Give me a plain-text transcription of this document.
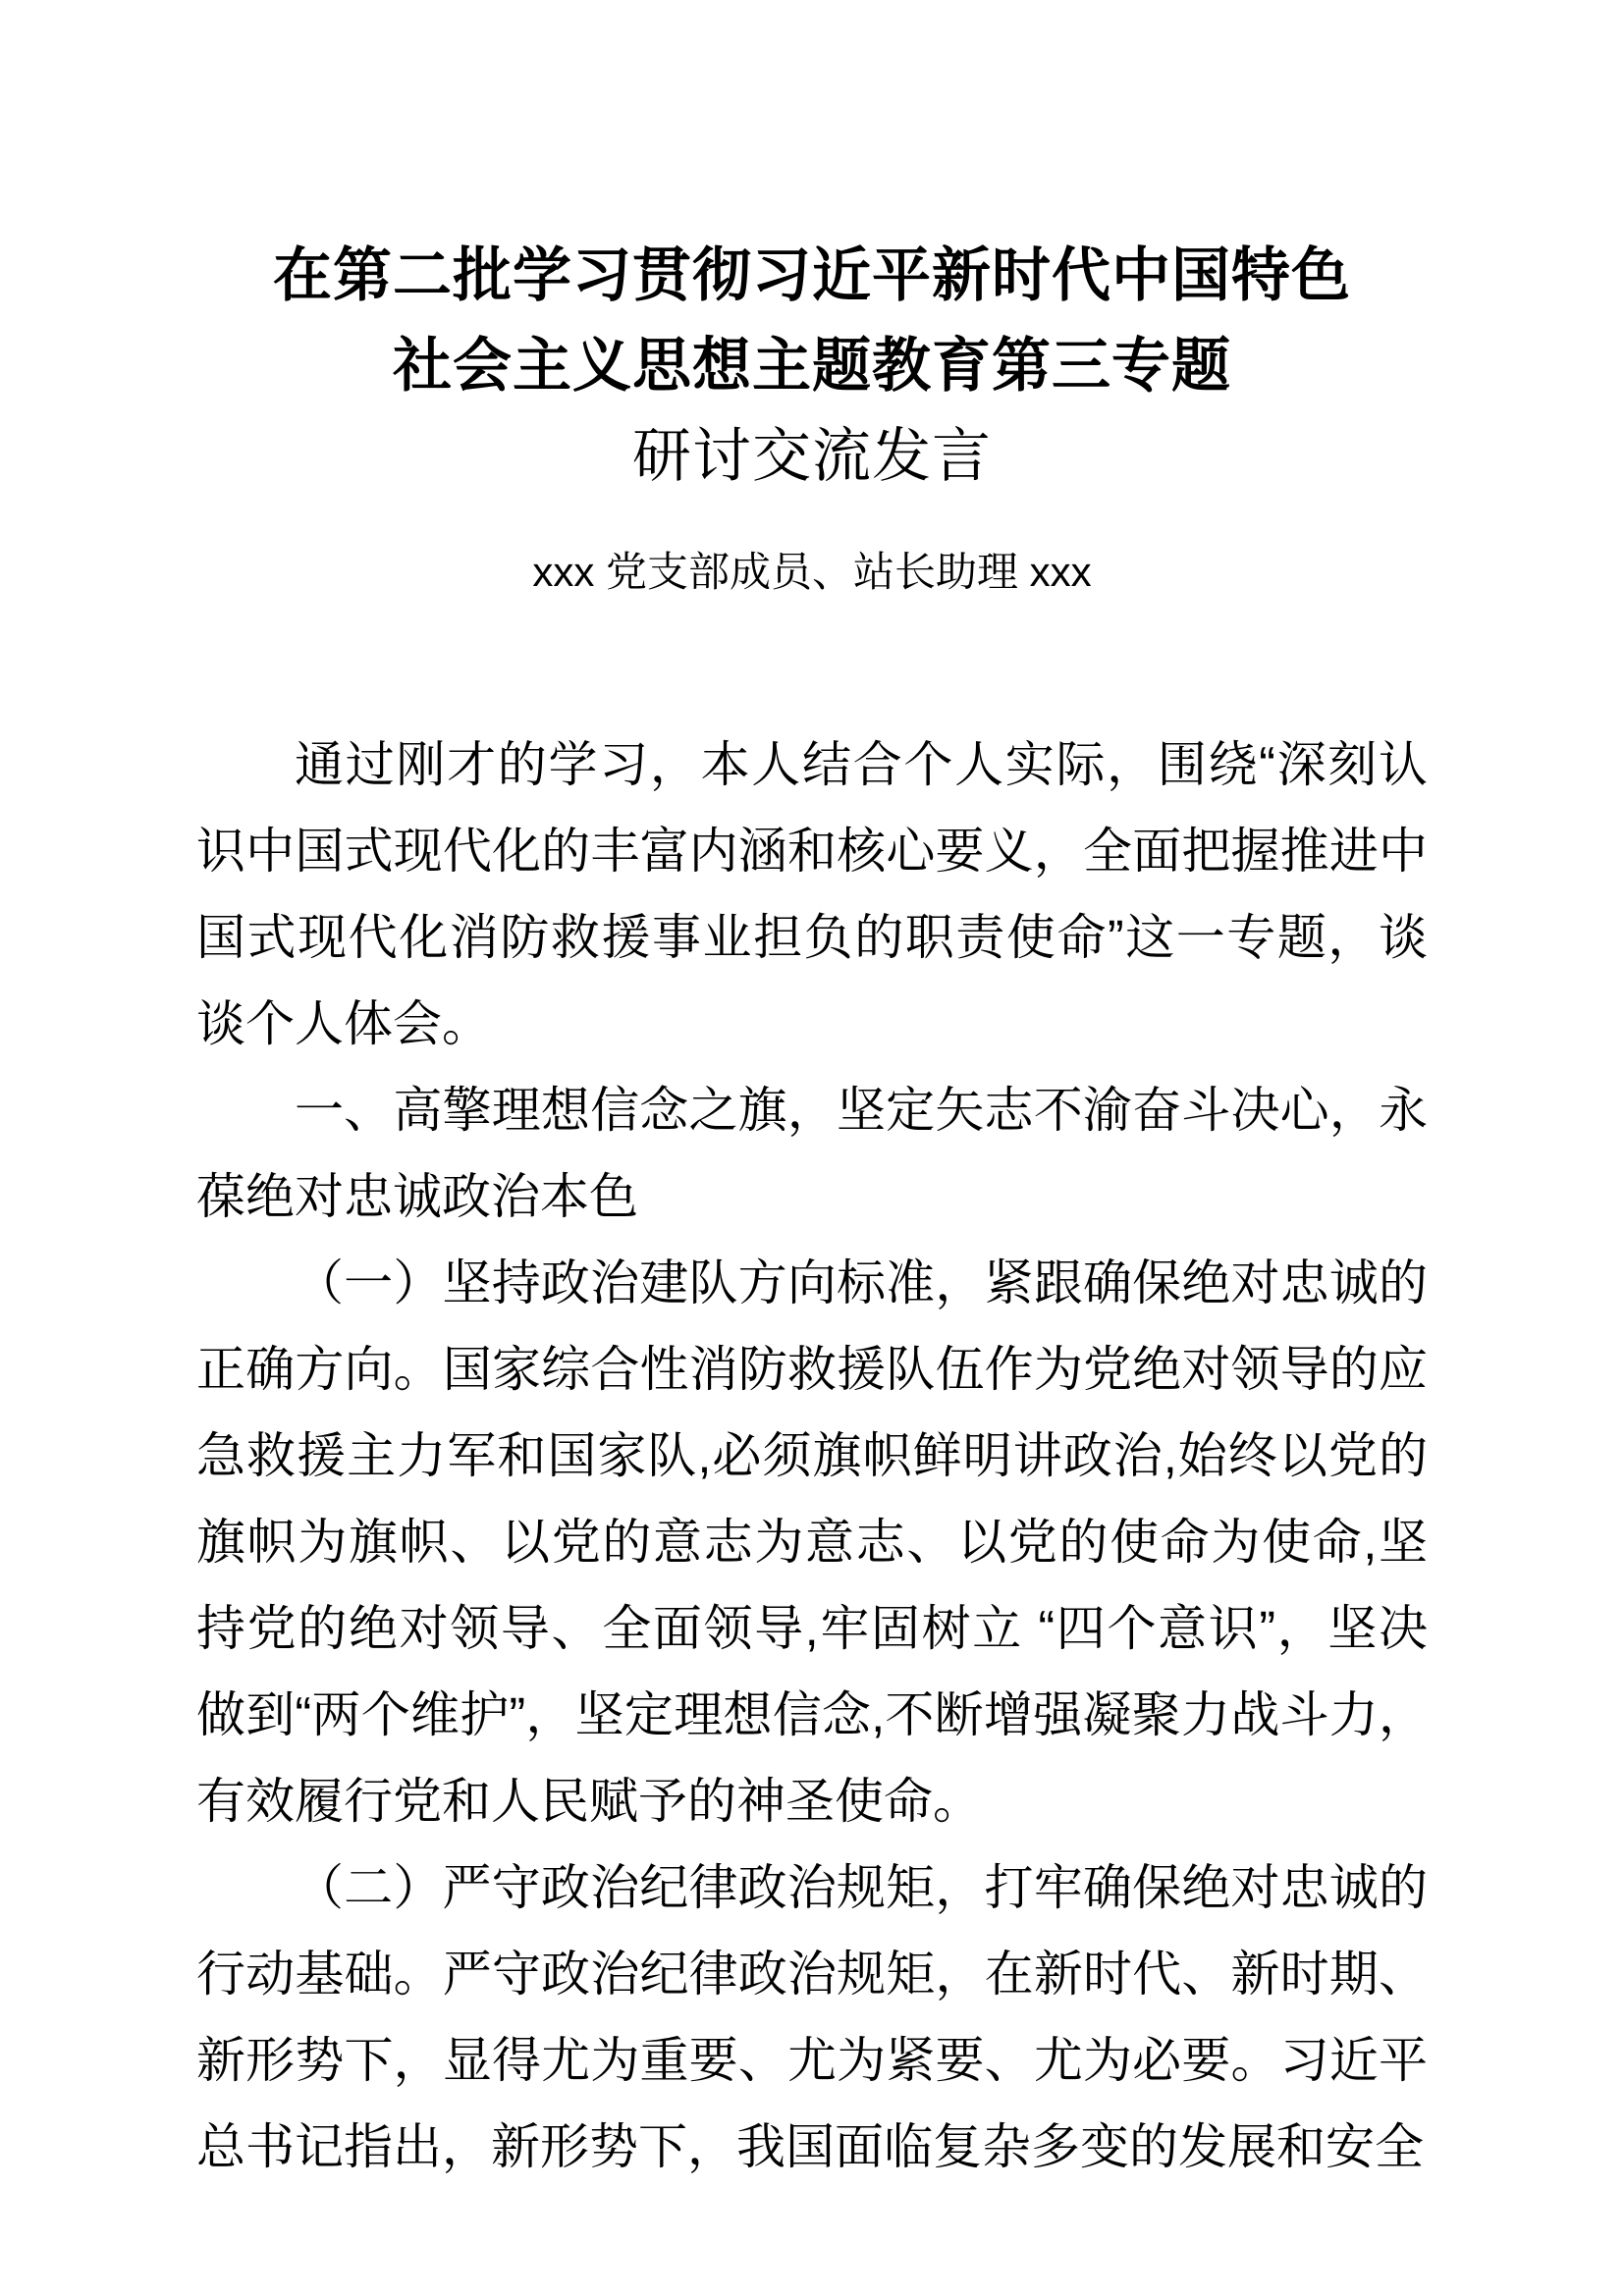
在第二批学习贯彻习近平新时代中国特色
社会主义思想主题教育第三专题
研讨交流发言
xxx 党支部成员、站长助理 xxx

通过刚才的学习，本人结合个人实际，围绕“深刻认识中国式现代化的丰富内涵和核心要义，全面把握推进中国式现代化消防救援事业担负的职责使命”这一专题，谈谈个人体会。

一、高擎理想信念之旗，坚定矢志不渝奋斗决心，永葆绝对忠诚政治本色

（一）坚持政治建队方向标准，紧跟确保绝对忠诚的正确方向。国家综合性消防救援队伍作为党绝对领导的应急救援主力军和国家队,必须旗帜鲜明讲政治,始终以党的旗帜为旗帜、以党的意志为意志、以党的使命为使命,坚持党的绝对领导、全面领导,牢固树立 “四个意识”，坚决做到“两个维护”，坚定理想信念,不断增强凝聚力战斗力，有效履行党和人民赋予的神圣使命。

（二）严守政治纪律政治规矩，打牢确保绝对忠诚的行动基础。严守政治纪律政治规矩，在新时代、新时期、新形势下，显得尤为重要、尤为紧要、尤为必要。习近平总书记指出，新形势下，我国面临复杂多变的发展和安全
